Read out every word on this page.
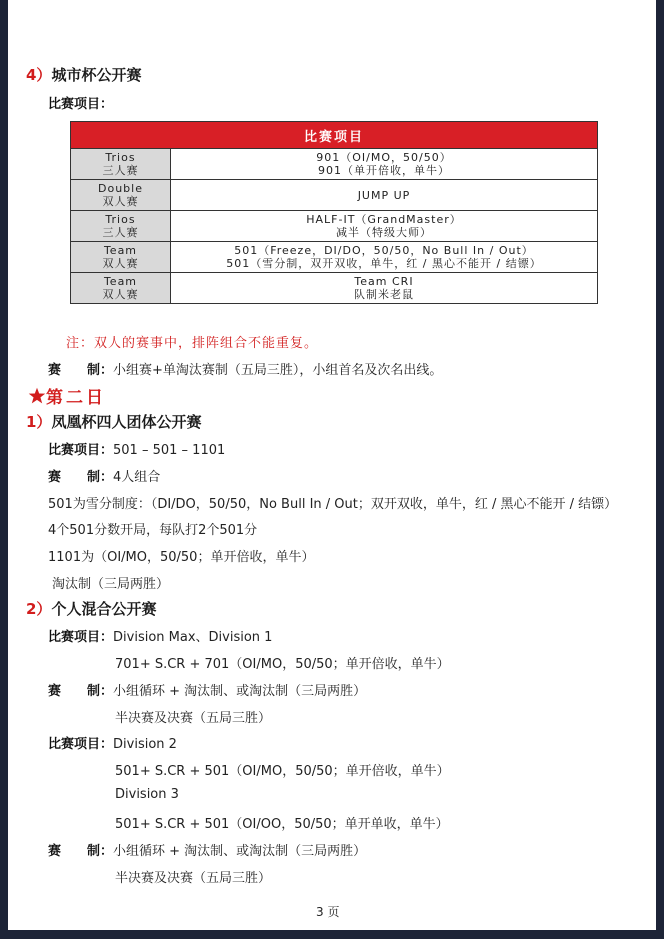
4）城市杯公开赛
比赛项目：
比赛项目	
Trios
三人赛	901（OI/MO，50/50）
901（单开倍收，单牛）
Double
双人赛	JUMP UP
Trios
三人赛	HALF-IT（GrandMaster）
减半（特级大师）
Team
双人赛	501（Freeze，DI/DO，50/50，No Bull In / Out）
501（雪分制，双开双收，单牛，红 / 黑心不能开 / 结镖）
Team
双人赛	Team CRI
队制米老鼠
注：双人的赛事中，排阵组合不能重复。
赛　　制：小组赛+单淘汰赛制（五局三胜），小组首名及次名出线。
第二日
1）凤凰杯四人团体公开赛
比赛项目：501 – 501 – 1101
赛　　制：4人组合
501为雪分制度：（DI/DO，50/50，No Bull In / Out；双开双收，单牛，红 / 黑心不能开 / 结镖）
4个501分数开局，每队打2个501分
1101为（OI/MO，50/50；单开倍收，单牛）
淘汰制（三局两胜）
2）个人混合公开赛
比赛项目：Division Max、Division 1
701+ S.CR + 701（OI/MO，50/50；单开倍收，单牛）
赛　　制：小组循环 + 淘汰制、或淘汰制（三局两胜）
半决赛及决赛（五局三胜）
比赛项目：Division 2
501+ S.CR + 501（OI/MO，50/50；单开倍收，单牛）
Division 3
501+ S.CR + 501（OI/OO，50/50；单开单收，单牛）
赛　　制：小组循环 + 淘汰制、或淘汰制（三局两胜）
半决赛及决赛（五局三胜）
3 页
